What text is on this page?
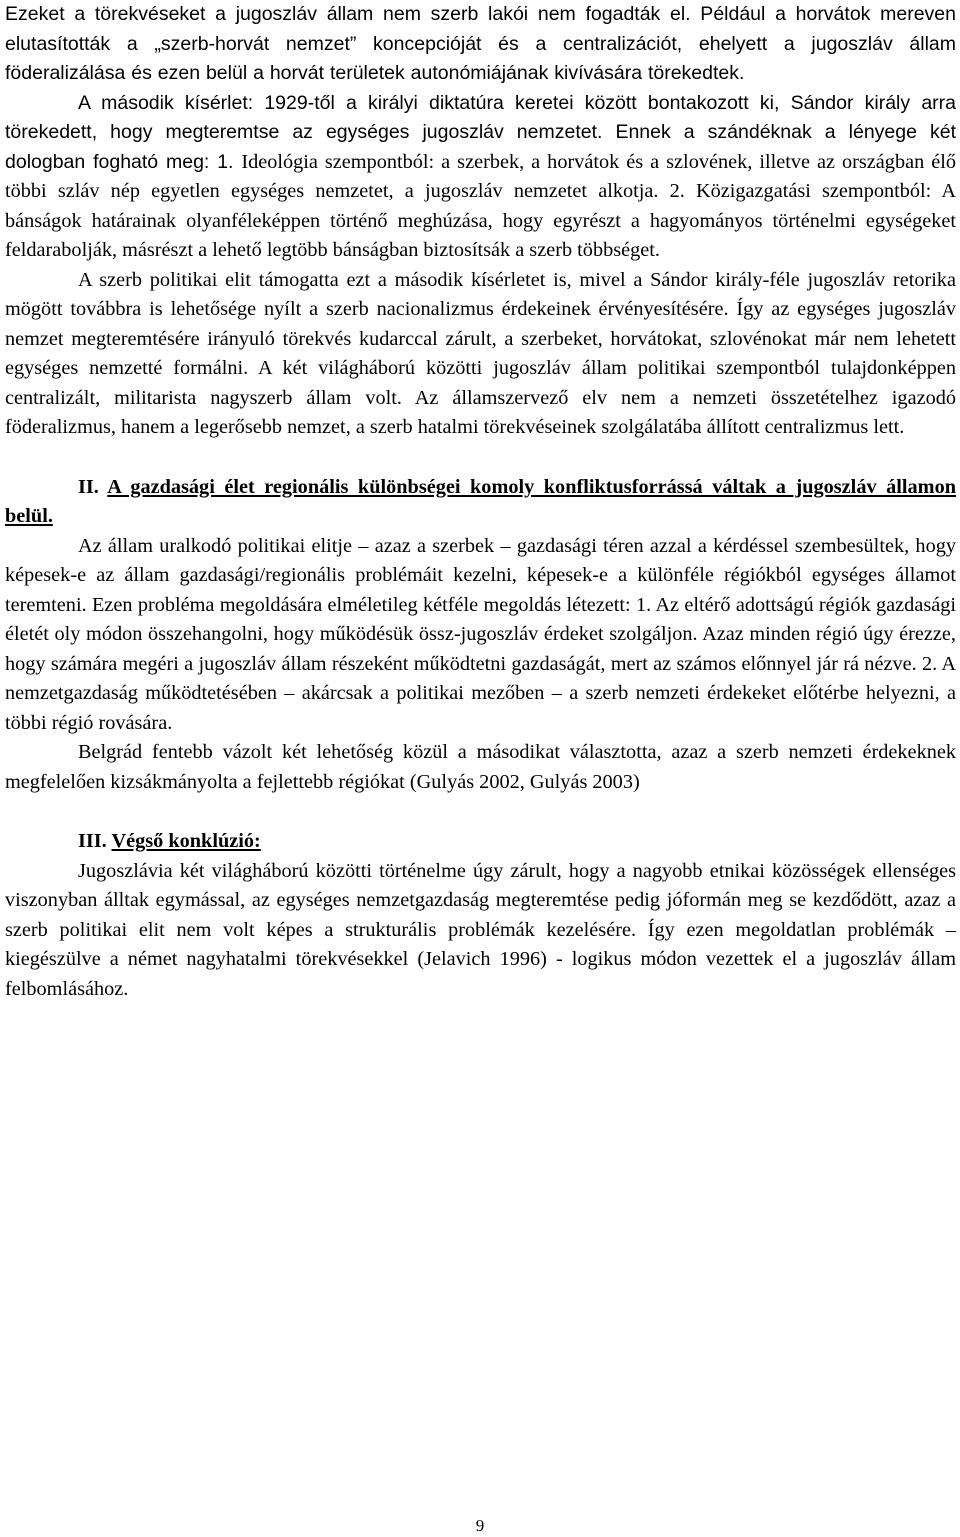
Ezeket a törekvéseket a jugoszláv állam nem szerb lakói nem fogadták el. Például a horvátok mereven elutasították a „szerb-horvát nemzet” koncepcióját és a centralizációt, ehelyett a jugoszláv állam föderalizálása és ezen belül a horvát területek autonómiájának kivívására törekedtek.

A második kísérlet: 1929-től a királyi diktatúra keretei között bontakozott ki, Sándor király arra törekedett, hogy megteremtse az egységes jugoszláv nemzetet. Ennek a szándéknak a lényege két dologban fogható meg: 1. Ideológia szempontból: a szerbek, a horvátok és a szlovének, illetve az országban élő többi szláv nép egyetlen egységes nemzetet, a jugoszláv nemzetet alkotja. 2. Közigazgatási szempontból: A bánságok határainak olyanféleképpen történő meghúzása, hogy egyrészt a hagyományos történelmi egységeket feldarabolják, másrészt a lehető legtöbb bánságban biztosítsák a szerb többséget.

A szerb politikai elit támogatta ezt a második kísérletet is, mivel a Sándor király-féle jugoszláv retorika mögött továbbra is lehetősége nyílt a szerb nacionalizmus érdekeinek érvényesítésére. Így az egységes jugoszláv nemzet megteremtésére irányuló törekvés kudarccal zárult, a szerbeket, horvátokat, szlovénokat már nem lehetett egységes nemzetté formálni. A két világháború közötti jugoszláv állam politikai szempontból tulajdonképpen centralizált, militarista nagyszerb állam volt. Az államszervező elv nem a nemzeti összetételhez igazodó föderalizmus, hanem a legerősebb nemzet, a szerb hatalmi törekvéseinek szolgálatába állított centralizmus lett.

II. A gazdasági élet regionális különbségei komoly konfliktusforrássá váltak a jugoszláv államon belül.

Az állam uralkodó politikai elitje – azaz a szerbek – gazdasági téren azzal a kérdéssel szembesültek, hogy képesek-e az állam gazdasági/regionális problémáit kezelni, képesek-e a különféle régiókból egységes államot teremteni. Ezen probléma megoldására elméletileg kétféle megoldás létezett: 1. Az eltérő adottságú régiók gazdasági életét oly módon összehangolni, hogy működésük össz-jugoszláv érdeket szolgáljon. Azaz minden régió úgy érezze, hogy számára megéri a jugoszláv állam részeként működtetni gazdaságát, mert az számos előnnyel jár rá nézve. 2. A nemzetgazdaság működtetésében – akárcsak a politikai mezőben – a szerb nemzeti érdekeket előtérbe helyezni, a többi régió rovására.

Belgrád fentebb vázolt két lehetőség közül a másodikat választotta, azaz a szerb nemzeti érdekeknek megfelelően kizsákmányolta a fejlettebb régiókat (Gulyás 2002, Gulyás 2003)

III. Végső konklúzió:

Jugoszlávia két világháború közötti történelme úgy zárult, hogy a nagyobb etnikai közösségek ellenséges viszonyban álltak egymással, az egységes nemzetgazdaság megteremtése pedig jóformán meg se kezdődött, azaz a szerb politikai elit nem volt képes a strukturális problémák kezelésére. Így ezen megoldatlan problémák – kiegészülve a német nagyhatalmi törekvésekkel (Jelavich 1996) - logikus módon vezettek el a jugoszláv állam felbomlásához.

9
